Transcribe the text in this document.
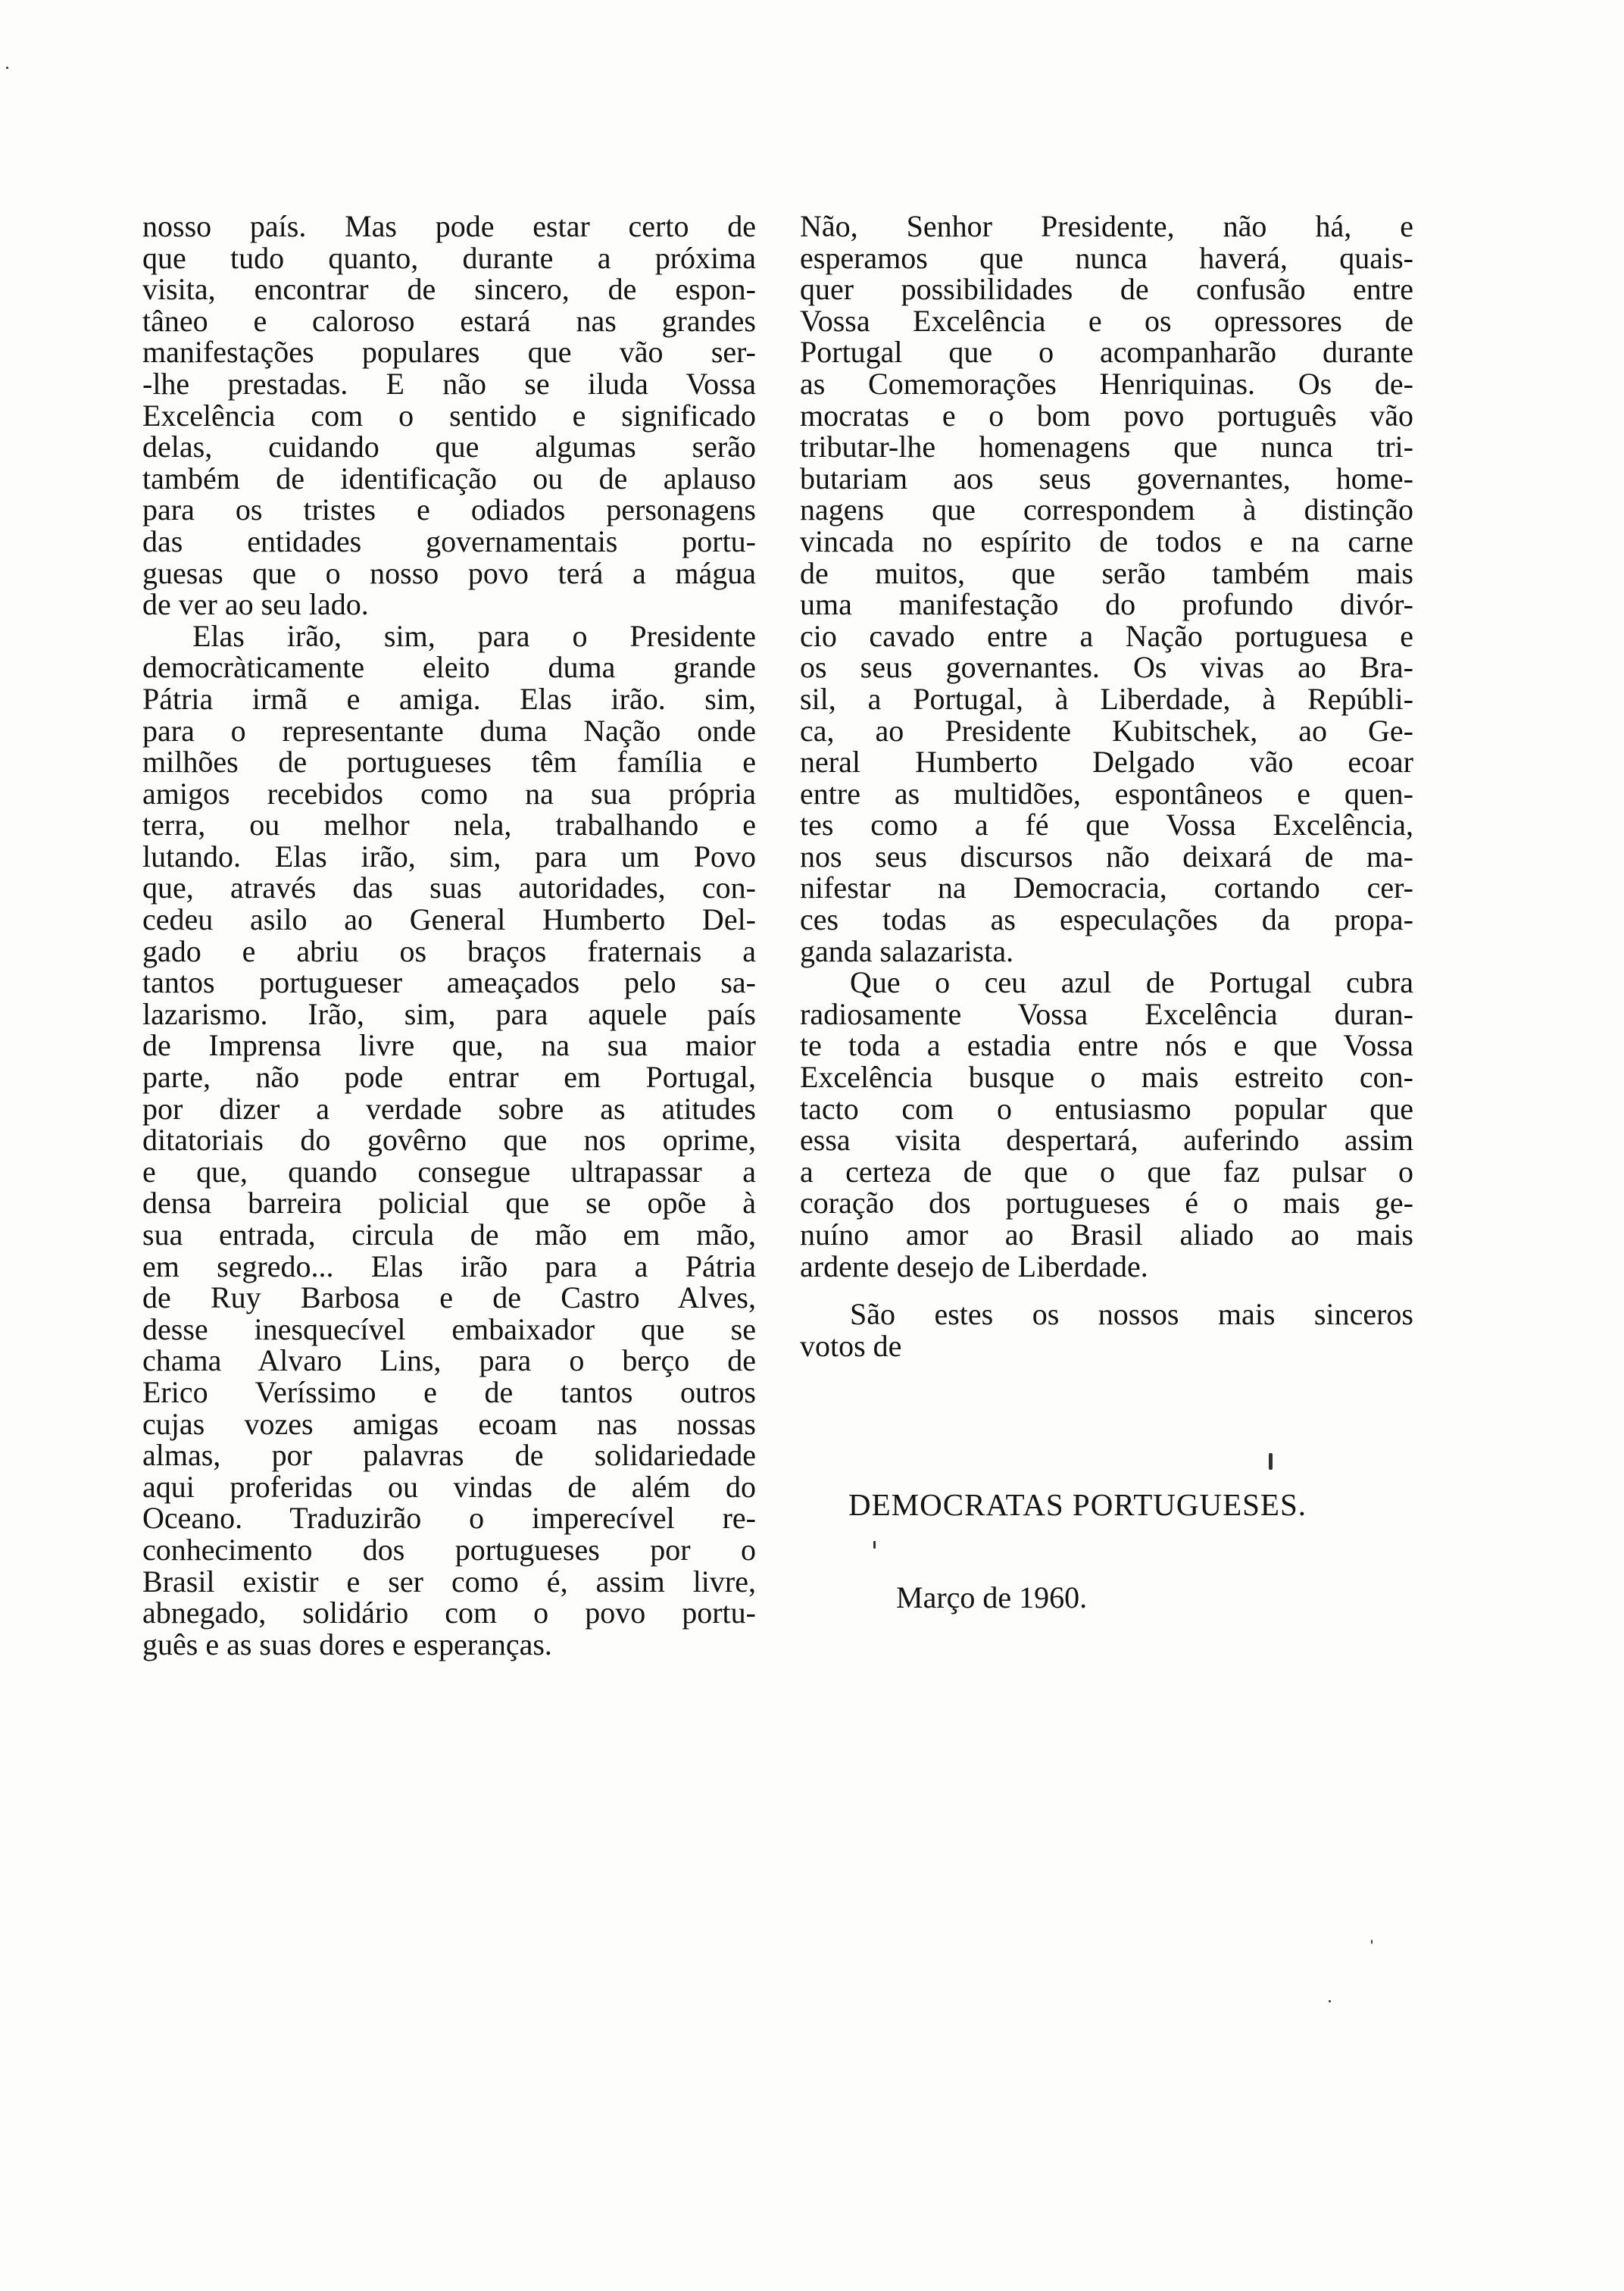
nosso país. Mas pode estar certo de
que tudo quanto, durante a próxima
visita, encontrar de sincero, de espon-
tâneo e caloroso estará nas grandes
manifestações populares que vão ser-
-lhe prestadas. E não se iluda Vossa
Excelência com o sentido e significado
delas, cuidando que algumas serão
também de identificação ou de aplauso
para os tristes e odiados personagens
das entidades governamentais portu-
guesas que o nosso povo terá a mágua
de ver ao seu lado.
Elas irão, sim, para o Presidente
democràticamente eleito duma grande
Pátria irmã e amiga. Elas irão. sim,
para o representante duma Nação onde
milhões de portugueses têm família e
amigos recebidos como na sua própria
terra, ou melhor nela, trabalhando e
lutando. Elas irão, sim, para um Povo
que, através das suas autoridades, con-
cedeu asilo ao General Humberto Del-
gado e abriu os braços fraternais a
tantos portugueser ameaçados pelo sa-
lazarismo. Irão, sim, para aquele país
de Imprensa livre que, na sua maior
parte, não pode entrar em Portugal,
por dizer a verdade sobre as atitudes
ditatoriais do govêrno que nos oprime,
e que, quando consegue ultrapassar a
densa barreira policial que se opõe à
sua entrada, circula de mão em mão,
em segredo... Elas irão para a Pátria
de Ruy Barbosa e de Castro Alves,
desse inesquecível embaixador que se
chama Alvaro Lins, para o berço de
Erico Veríssimo e de tantos outros
cujas vozes amigas ecoam nas nossas
almas, por palavras de solidariedade
aqui proferidas ou vindas de além do
Oceano. Traduzirão o imperecível re-
conhecimento dos portugueses por o
Brasil existir e ser como é, assim livre,
abnegado, solidário com o povo portu-
guês e as suas dores e esperanças.
Não, Senhor Presidente, não há, e
esperamos que nunca haverá, quais-
quer possibilidades de confusão entre
Vossa Excelência e os opressores de
Portugal que o acompanharão durante
as Comemorações Henriquinas. Os de-
mocratas e o bom povo português vão
tributar-lhe homenagens que nunca tri-
butariam aos seus governantes, home-
nagens que correspondem à distinção
vincada no espírito de todos e na carne
de muitos, que serão também mais
uma manifestação do profundo divór-
cio cavado entre a Nação portuguesa e
os seus governantes. Os vivas ao Bra-
sil, a Portugal, à Liberdade, à Repúbli-
ca, ao Presidente Kubitschek, ao Ge-
neral Humberto Delgado vão ecoar
entre as multidões, espontâneos e quen-
tes como a fé que Vossa Excelência,
nos seus discursos não deixará de ma-
nifestar na Democracia, cortando cer-
ces todas as especulações da propa-
ganda salazarista.
Que o ceu azul de Portugal cubra
radiosamente Vossa Excelência duran-
te toda a estadia entre nós e que Vossa
Excelência busque o mais estreito con-
tacto com o entusiasmo popular que
essa visita despertará, auferindo assim
a certeza de que o que faz pulsar o
coração dos portugueses é o mais ge-
nuíno amor ao Brasil aliado ao mais
ardente desejo de Liberdade.
São estes os nossos mais sinceros
votos de
DEMOCRATAS PORTUGUESES.
Março de 1960.
